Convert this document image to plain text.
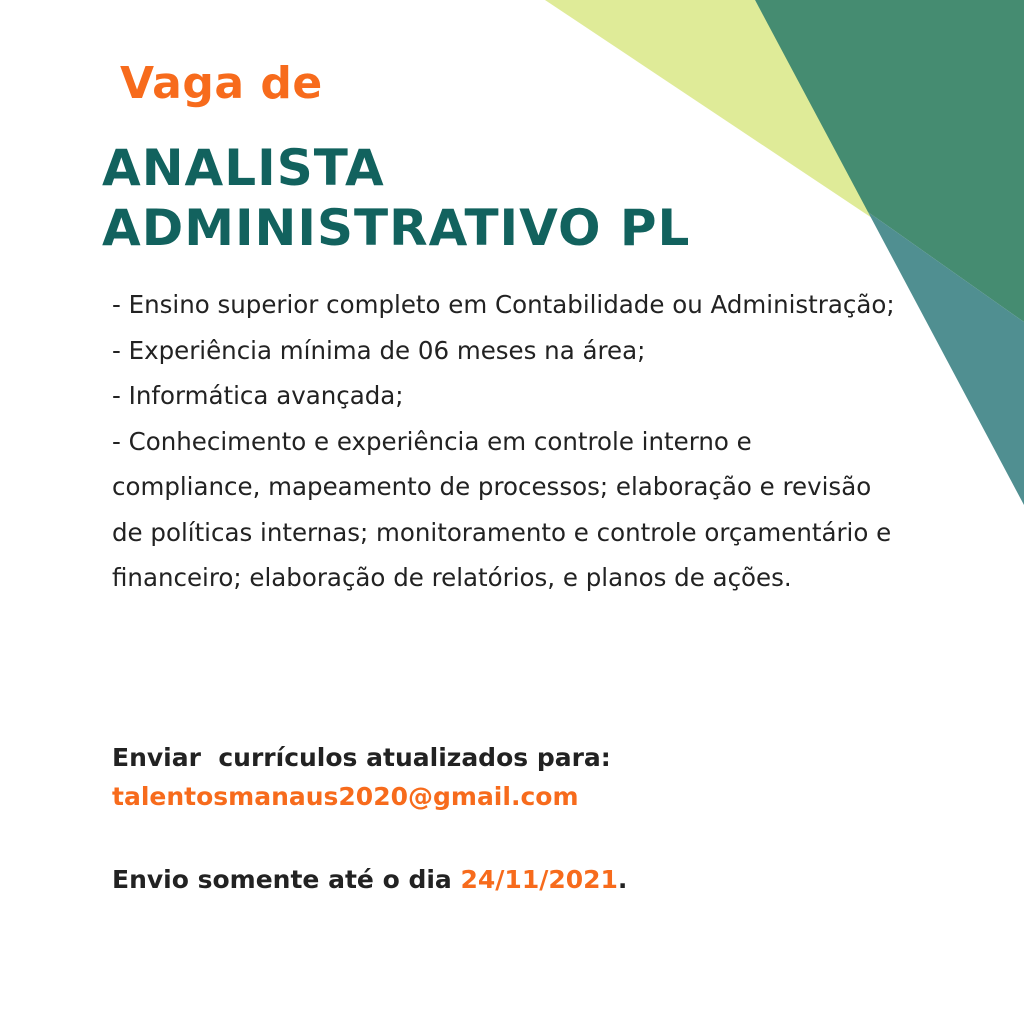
Vaga de
ANALISTA
ADMINISTRATIVO PL

- Ensino superior completo em Contabilidade ou Administração;

- Experiência mínima de 06 meses na área;

- Informática avançada;

- Conhecimento e experiência em controle interno e compliance, mapeamento de processos; elaboração e revisão de políticas internas; monitoramento e controle orçamentário e financeiro; elaboração de relatórios, e planos de ações.

Enviar  currículos atualizados para:
talentosmanaus2020@gmail.com
Envio somente até o dia 24/11/2021.
